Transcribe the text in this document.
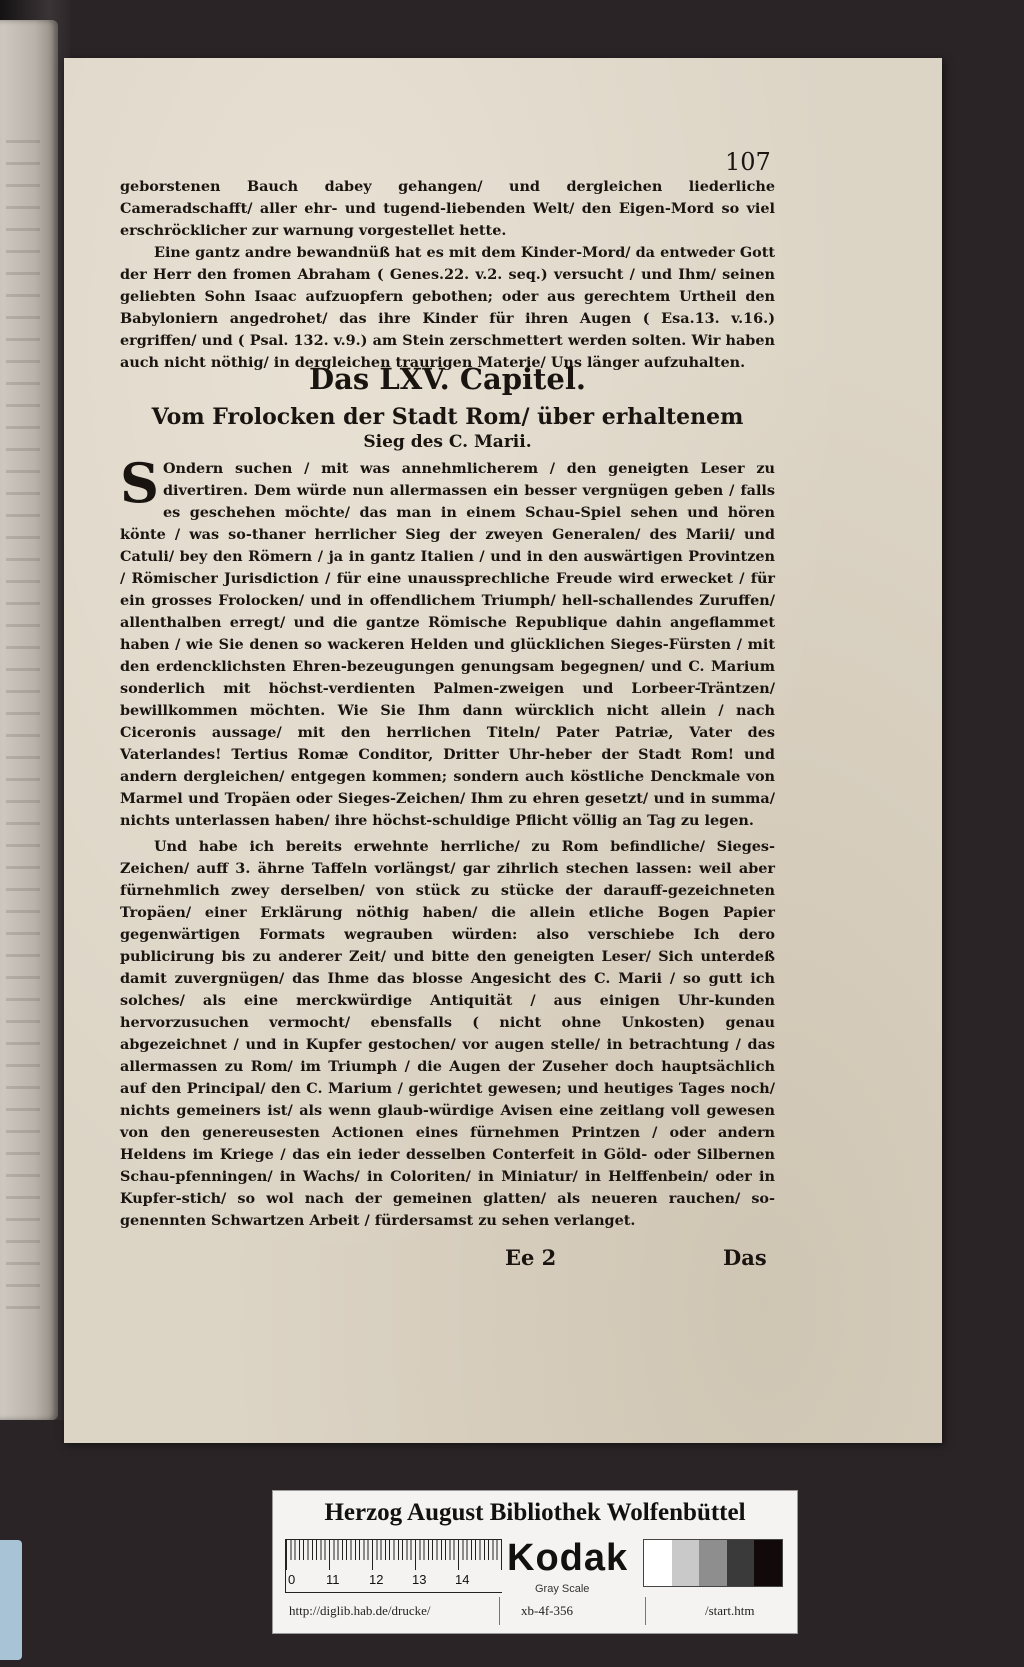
107

geborstenen Bauch dabey gehangen/ und dergleichen liederliche Cameradschafft/ aller ehr- und tugend-liebenden Welt/ den Eigen-Mord so viel erschröcklicher zur warnung vorgestellet hette.

Eine gantz andre bewandnüß hat es mit dem Kinder-Mord/ da entweder Gott der Herr den fromen Abraham ( Genes.22. v.2. seq.) versucht / und Ihm/ seinen geliebten Sohn Isaac aufzuopfern gebothen; oder aus gerechtem Urtheil den Babyloniern angedrohet/ das ihre Kinder für ihren Augen ( Esa.13. v.16.) ergriffen/ und ( Psal. 132. v.9.) am Stein zerschmettert werden solten. Wir haben auch nicht nöthig/ in dergleichen traurigen Materie/ Uns länger aufzuhalten.

Das LXV. Capitel.
Vom Frolocken der Stadt Rom/ über erhaltenem
Sieg des C. Marii.
S Ondern suchen / mit was annehmlicherem / den geneigten Leser zu divertiren. Dem würde nun allermassen ein besser vergnügen geben / falls es geschehen möchte/ das man in einem Schau-Spiel sehen und hören könte / was so-thaner herrlicher Sieg der zweyen Generalen/ des Marii/ und Catuli/ bey den Römern / ja in gantz Italien / und in den auswärtigen Provintzen / Römischer Jurisdiction / für eine unaussprechliche Freude wird erwecket / für ein grosses Frolocken/ und in offendlichem Triumph/ hell-schallendes Zuruffen/ allenthalben erregt/ und die gantze Römische Republique dahin angeflammet haben / wie Sie denen so wackeren Helden und glücklichen Sieges-Fürsten / mit den erdencklichsten Ehren-bezeugungen genungsam begegnen/ und C. Marium sonderlich mit höchst-verdienten Palmen-zweigen und Lorbeer-Träntzen/ bewillkommen möchten. Wie Sie Ihm dann würcklich nicht allein / nach Ciceronis aussage/ mit den herrlichen Titeln/ Pater Patriæ, Vater des Vaterlandes! Tertius Romæ Conditor, Dritter Uhr-heber der Stadt Rom! und andern dergleichen/ entgegen kommen; sondern auch köstliche Denckmale von Marmel und Tropäen oder Sieges-Zeichen/ Ihm zu ehren gesetzt/ und in summa/ nichts unterlassen haben/ ihre höchst-schuldige Pflicht völlig an Tag zu legen.

Und habe ich bereits erwehnte herrliche/ zu Rom befindliche/ Sieges-Zeichen/ auff 3. ährne Taffeln vorlängst/ gar zihrlich stechen lassen: weil aber fürnehmlich zwey derselben/ von stück zu stücke der darauff-gezeichneten Tropäen/ einer Erklärung nöthig haben/ die allein etliche Bogen Papier gegenwärtigen Formats wegrauben würden: also verschiebe Ich dero publicirung bis zu anderer Zeit/ und bitte den geneigten Leser/ Sich unterdeß damit zuvergnügen/ das Ihme das blosse Angesicht des C. Marii / so gutt ich solches/ als eine merckwürdige Antiquität / aus einigen Uhr-kunden hervorzusuchen vermocht/ ebensfalls ( nicht ohne Unkosten) genau abgezeichnet / und in Kupfer gestochen/ vor augen stelle/ in betrachtung / das allermassen zu Rom/ im Triumph / die Augen der Zuseher doch hauptsächlich auf den Principal/ den C. Marium / gerichtet gewesen; und heutiges Tages noch/ nichts gemeiners ist/ als wenn glaub-würdige Avisen eine zeitlang voll gewesen von den genereusesten Actionen eines fürnehmen Printzen / oder andern Heldens im Kriege / das ein ieder desselben Conterfeit in Göld- oder Silbernen Schau-pfenningen/ in Wachs/ in Coloriten/ in Miniatur/ in Helffenbein/ oder in Kupfer-stich/ so wol nach der gemeinen glatten/ als neueren rauchen/ so-genennten Schwartzen Arbeit / fürdersamst zu sehen verlanget.

Ee 2	Das
Herzog August Bibliothek Wolfenbüttel
0 11 12 13 14
Kodak
Gray Scale
http://diglib.hab.de/drucke/	xb-4f-356	/start.htm
